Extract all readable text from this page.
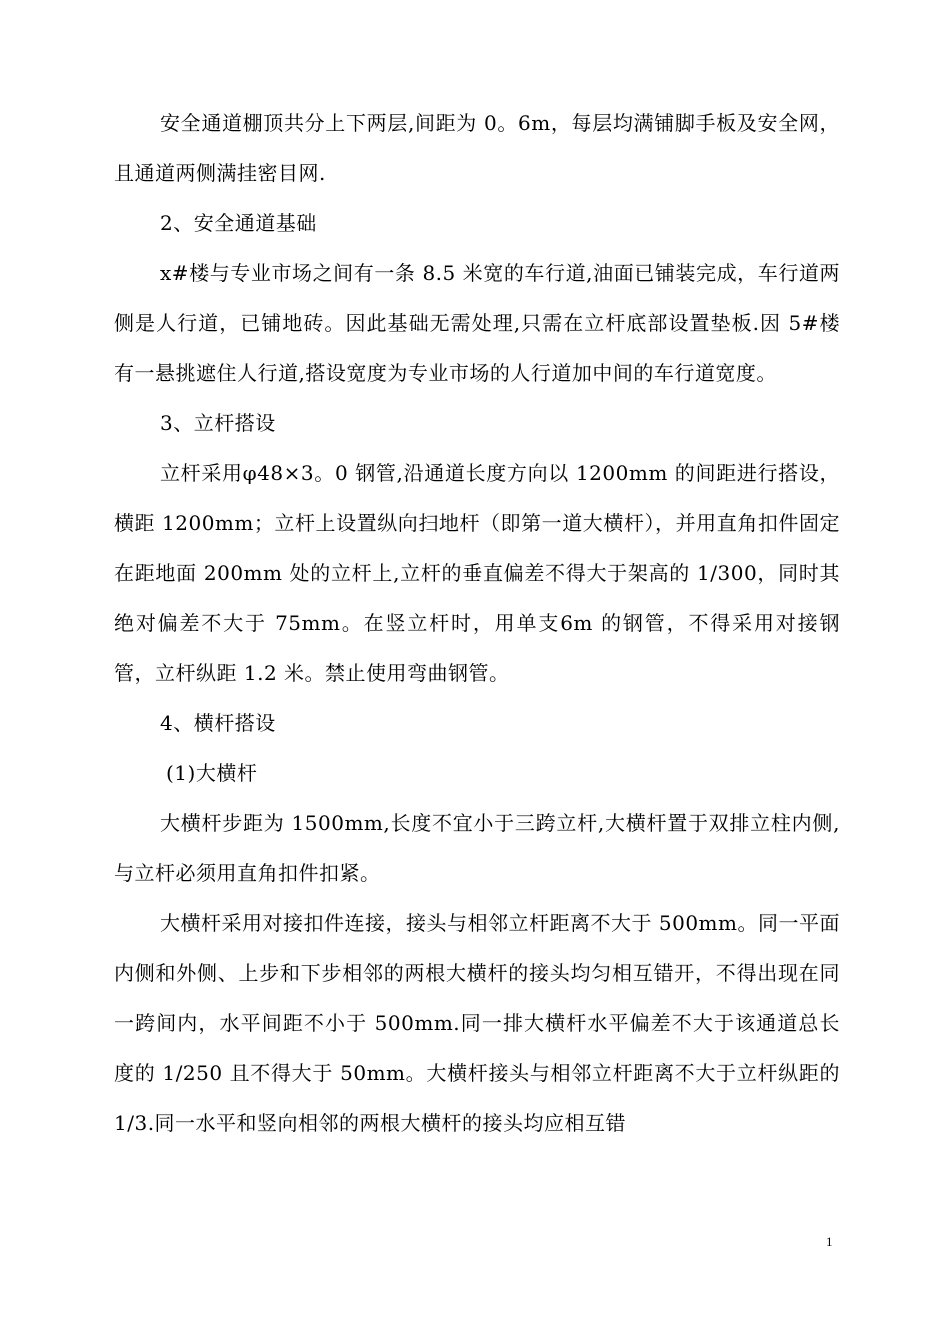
安全通道棚顶共分上下两层,间距为 0。6m，每层均满铺脚手板及安全网，且通道两侧满挂密目网.

2、安全通道基础

x#楼与专业市场之间有一条 8.5 米宽的车行道,油面已铺装完成，车行道两侧是人行道，已铺地砖。因此基础无需处理,只需在立杆底部设置垫板.因 5#楼有一悬挑遮住人行道,搭设宽度为专业市场的人行道加中间的车行道宽度。

3、立杆搭设

立杆采用φ48×3。0 钢管,沿通道长度方向以 1200mm 的间距进行搭设，横距 1200mm；立杆上设置纵向扫地杆（即第一道大横杆），并用直角扣件固定在距地面 200mm 处的立杆上,立杆的垂直偏差不得大于架高的 1/300，同时其绝对偏差不大于 75mm。在竖立杆时，用单支6m 的钢管，不得采用对接钢管，立杆纵距 1.2 米。禁止使用弯曲钢管。

4、横杆搭设

(1)大横杆

大横杆步距为 1500mm,长度不宜小于三跨立杆,大横杆置于双排立柱内侧,与立杆必须用直角扣件扣紧。

大横杆采用对接扣件连接，接头与相邻立杆距离不大于 500mm。同一平面内侧和外侧、上步和下步相邻的两根大横杆的接头均匀相互错开，不得出现在同一跨间内，水平间距不小于 500mm.同一排大横杆水平偏差不大于该通道总长度的 1/250 且不得大于 50mm。大横杆接头与相邻立杆距离不大于立杆纵距的 1/3.同一水平和竖向相邻的两根大横杆的接头均应相互错

1
